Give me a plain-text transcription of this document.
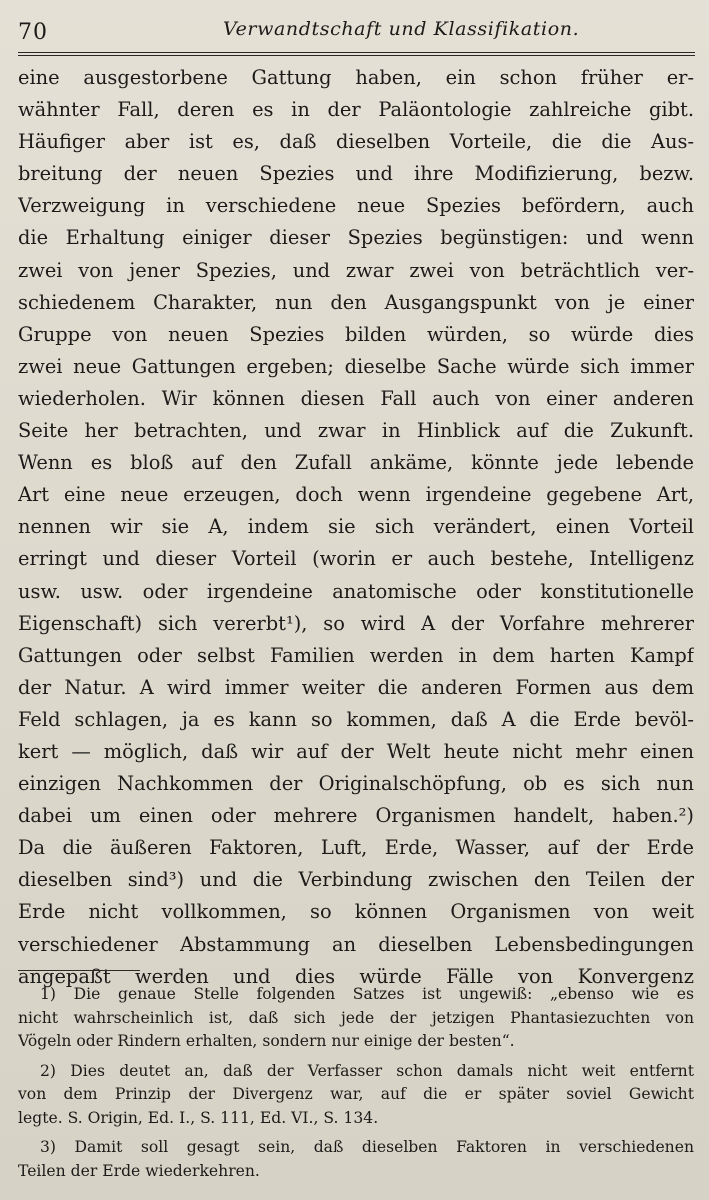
70	Verwandtschaft und Klassifikation.
eine ausgestorbene Gattung haben, ein schon früher er-
wähnter Fall, deren es in der Paläontologie zahlreiche gibt.
Häufiger aber ist es, daß dieselben Vorteile, die die Aus-
breitung der neuen Spezies und ihre Modifizierung, bezw.
Verzweigung in verschiedene neue Spezies befördern, auch
die Erhaltung einiger dieser Spezies begünstigen: und wenn
zwei von jener Spezies, und zwar zwei von beträchtlich ver-
schiedenem Charakter, nun den Ausgangspunkt von je einer
Gruppe von neuen Spezies bilden würden, so würde dies
zwei neue Gattungen ergeben; dieselbe Sache würde sich immer
wiederholen. Wir können diesen Fall auch von einer anderen
Seite her betrachten, und zwar in Hinblick auf die Zukunft.
Wenn es bloß auf den Zufall ankäme, könnte jede lebende
Art eine neue erzeugen, doch wenn irgendeine gegebene Art,
nennen wir sie A, indem sie sich verändert, einen Vorteil
erringt und dieser Vorteil (worin er auch bestehe, Intelligenz
usw. usw. oder irgendeine anatomische oder konstitutionelle
Eigenschaft) sich vererbt¹), so wird A der Vorfahre mehrerer
Gattungen oder selbst Familien werden in dem harten Kampf
der Natur. A wird immer weiter die anderen Formen aus dem
Feld schlagen, ja es kann so kommen, daß A die Erde bevöl-
kert — möglich, daß wir auf der Welt heute nicht mehr einen
einzigen Nachkommen der Originalschöpfung, ob es sich nun
dabei um einen oder mehrere Organismen handelt, haben.²)
Da die äußeren Faktoren, Luft, Erde, Wasser, auf der Erde
dieselben sind³) und die Verbindung zwischen den Teilen der
Erde nicht vollkommen, so können Organismen von weit
verschiedener Abstammung an dieselben Lebensbedingungen
angepaßt werden und dies würde Fälle von Konvergenz
1) Die genaue Stelle folgenden Satzes ist ungewiß: „ebenso wie es
nicht wahrscheinlich ist, daß sich jede der jetzigen Phantasiezuchten von
Vögeln oder Rindern erhalten, sondern nur einige der besten“.
2) Dies deutet an, daß der Verfasser schon damals nicht weit entfernt
von dem Prinzip der Divergenz war, auf die er später soviel Gewicht
legte. S. Origin, Ed. I., S. 111, Ed. VI., S. 134.
3) Damit soll gesagt sein, daß dieselben Faktoren in verschiedenen
Teilen der Erde wiederkehren.
